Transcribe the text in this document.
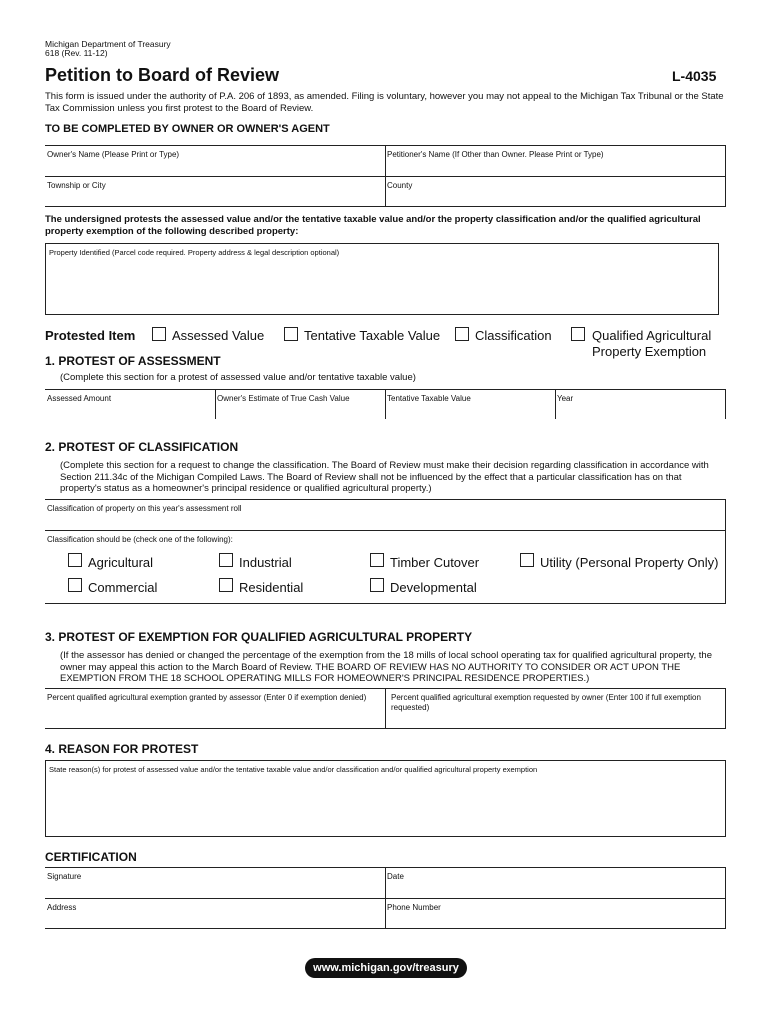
Michigan Department of Treasury
618 (Rev. 11-12)
Petition to Board of Review	L-4035
This form is issued under the authority of P.A. 206 of 1893, as amended. Filing is voluntary, however you may not appeal to the Michigan Tax Tribunal or the State Tax Commission unless you first protest to the Board of Review.
TO BE COMPLETED BY OWNER OR OWNER'S AGENT
Owner's Name (Please Print or Type)	Petitioner's Name (If Other than Owner. Please Print or Type)
Township or City	County
The undersigned protests the assessed value and/or the tentative taxable value and/or the property classification and/or the qualified agricultural property exemption of the following described property:
Property Identified (Parcel code required. Property address & legal description optional)
Protested Item	Assessed Value	Tentative Taxable Value	Classification	Qualified Agricultural
Property Exemption
1. PROTEST OF ASSESSMENT
(Complete this section for a protest of assessed value and/or tentative taxable value)
Assessed Amount	Owner's Estimate of True Cash Value	Tentative Taxable Value	Year
2. PROTEST OF CLASSIFICATION
(Complete this section for a request to change the classification. The Board of Review must make their decision regarding classification in accordance with Section 211.34c of the Michigan Compiled Laws. The Board of Review shall not be influenced by the effect that a particular classification has on that property's status as a homeowner's principal residence or qualified agricultural property.)
Classification of property on this year's assessment roll
Classification should be (check one of the following):
Agricultural	Industrial	Timber Cutover	Utility (Personal Property Only)
Commercial	Residential	Developmental
3. PROTEST OF EXEMPTION FOR QUALIFIED AGRICULTURAL PROPERTY
(If the assessor has denied or changed the percentage of the exemption from the 18 mills of local school operating tax for qualified agricultural property, the owner may appeal this action to the March Board of Review. THE BOARD OF REVIEW HAS NO AUTHORITY TO CONSIDER OR ACT UPON THE EXEMPTION FROM THE 18 SCHOOL OPERATING MILLS FOR HOMEOWNER'S PRINCIPAL RESIDENCE PROPERTIES.)
Percent qualified agricultural exemption granted by assessor (Enter 0 if exemption denied)	Percent qualified agricultural exemption requested by owner (Enter 100 if full exemption requested)
4. REASON FOR PROTEST
State reason(s) for protest of assessed value and/or the tentative taxable value and/or classification and/or qualified agricultural property exemption
CERTIFICATION
Signature	Date
Address	Phone Number
www.michigan.gov/treasury
